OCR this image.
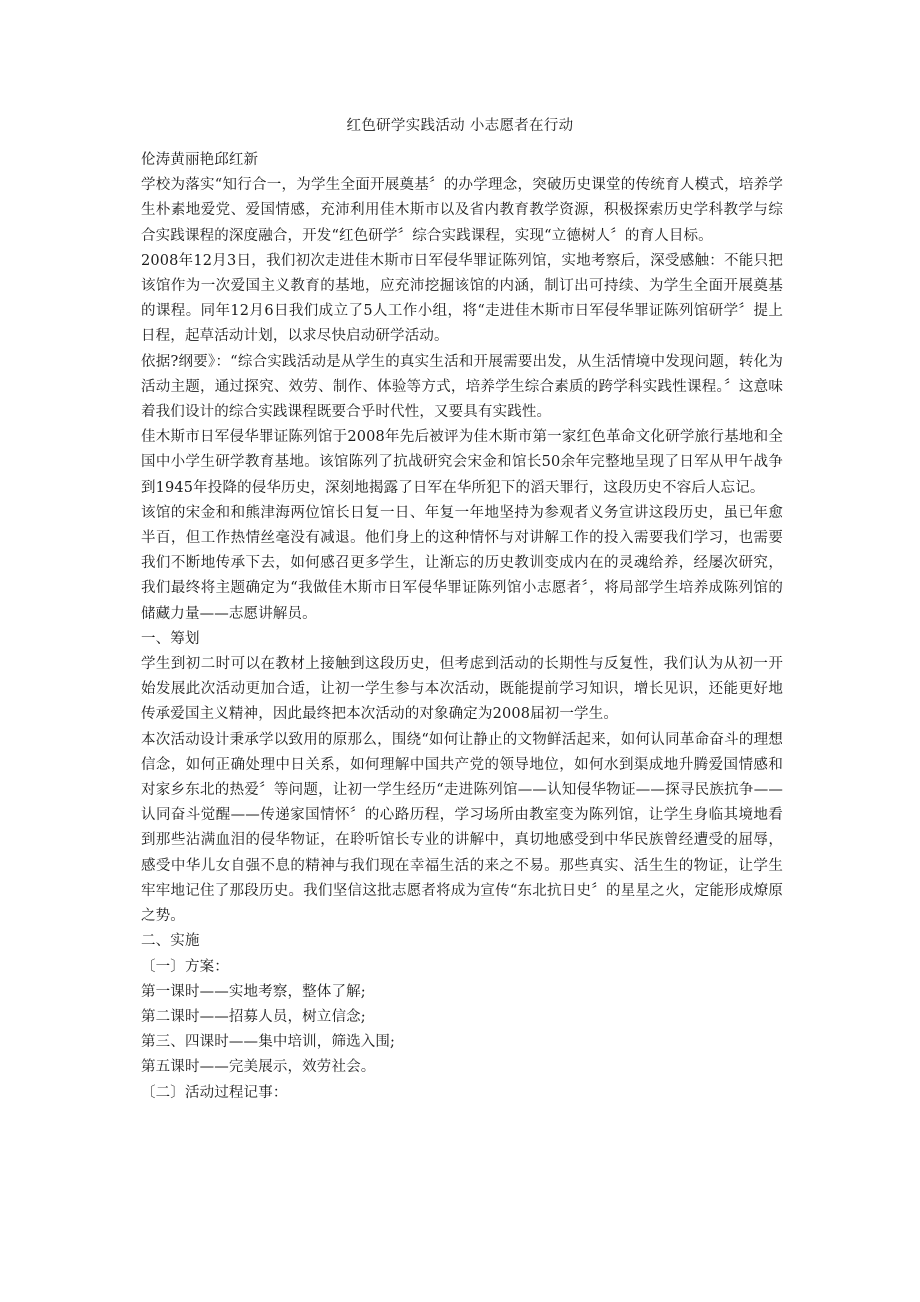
红色研学实践活动 小志愿者在行动

伦涛黄丽艳邱红新

学校为落实“知行合一，为学生全面开展奠基〞的办学理念，突破历史课堂的传统育人模式，培养学生朴素地爱党、爱国情感，充沛利用佳木斯市以及省内教育教学资源，积极探索历史学科教学与综合实践课程的深度融合，开发“红色研学〞综合实践课程，实现“立德树人〞的育人目标。

2008年12月3日，我们初次走进佳木斯市日军侵华罪证陈列馆，实地考察后，深受感触：不能只把该馆作为一次爱国主义教育的基地，应充沛挖掘该馆的内涵，制订出可持续、为学生全面开展奠基的课程。同年12月6日我们成立了5人工作小组，将“走进佳木斯市日军侵华罪证陈列馆研学〞提上日程，起草活动计划，以求尽快启动研学活动。

依据?纲要》：“综合实践活动是从学生的真实生活和开展需要出发，从生活情境中发现问题，转化为活动主题，通过探究、效劳、制作、体验等方式，培养学生综合素质的跨学科实践性课程。〞这意味着我们设计的综合实践课程既要合乎时代性，又要具有实践性。

佳木斯市日军侵华罪证陈列馆于2008年先后被评为佳木斯市第一家红色革命文化研学旅行基地和全国中小学生研学教育基地。该馆陈列了抗战研究会宋金和馆长50余年完整地呈现了日军从甲午战争到1945年投降的侵华历史，深刻地揭露了日军在华所犯下的滔天罪行，这段历史不容后人忘记。

该馆的宋金和和熊津海两位馆长日复一日、年复一年地坚持为参观者义务宣讲这段历史，虽已年愈半百，但工作热情丝毫没有减退。他们身上的这种情怀与对讲解工作的投入需要我们学习，也需要我们不断地传承下去，如何感召更多学生，让渐忘的历史教训变成内在的灵魂给养，经屡次研究，我们最终将主题确定为“我做佳木斯市日军侵华罪证陈列馆小志愿者〞，将局部学生培养成陈列馆的储藏力量——志愿讲解员。

一、筹划

学生到初二时可以在教材上接触到这段历史，但考虑到活动的长期性与反复性，我们认为从初一开始发展此次活动更加合适，让初一学生参与本次活动，既能提前学习知识，增长见识，还能更好地传承爱国主义精神，因此最终把本次活动的对象确定为2008届初一学生。

本次活动设计秉承学以致用的原那么，围绕“如何让静止的文物鲜活起来，如何认同革命奋斗的理想信念，如何正确处理中日关系，如何理解中国共产党的领导地位，如何水到渠成地升腾爱国情感和对家乡东北的热爱〞等问题，让初一学生经历“走进陈列馆——认知侵华物证——探寻民族抗争——认同奋斗觉醒——传递家国情怀〞的心路历程，学习场所由教室变为陈列馆，让学生身临其境地看到那些沾满血泪的侵华物证，在聆听馆长专业的讲解中，真切地感受到中华民族曾经遭受的屈辱，感受中华儿女自强不息的精神与我们现在幸福生活的来之不易。那些真实、活生生的物证，让学生牢牢地记住了那段历史。我们坚信这批志愿者将成为宣传“东北抗日史〞的星星之火，定能形成燎原之势。

二、实施

〔一〕方案：

第一课时——实地考察，整体了解;

第二课时——招募人员，树立信念;

第三、四课时——集中培训，筛选入围;

第五课时——完美展示，效劳社会。

〔二〕活动过程记事：
